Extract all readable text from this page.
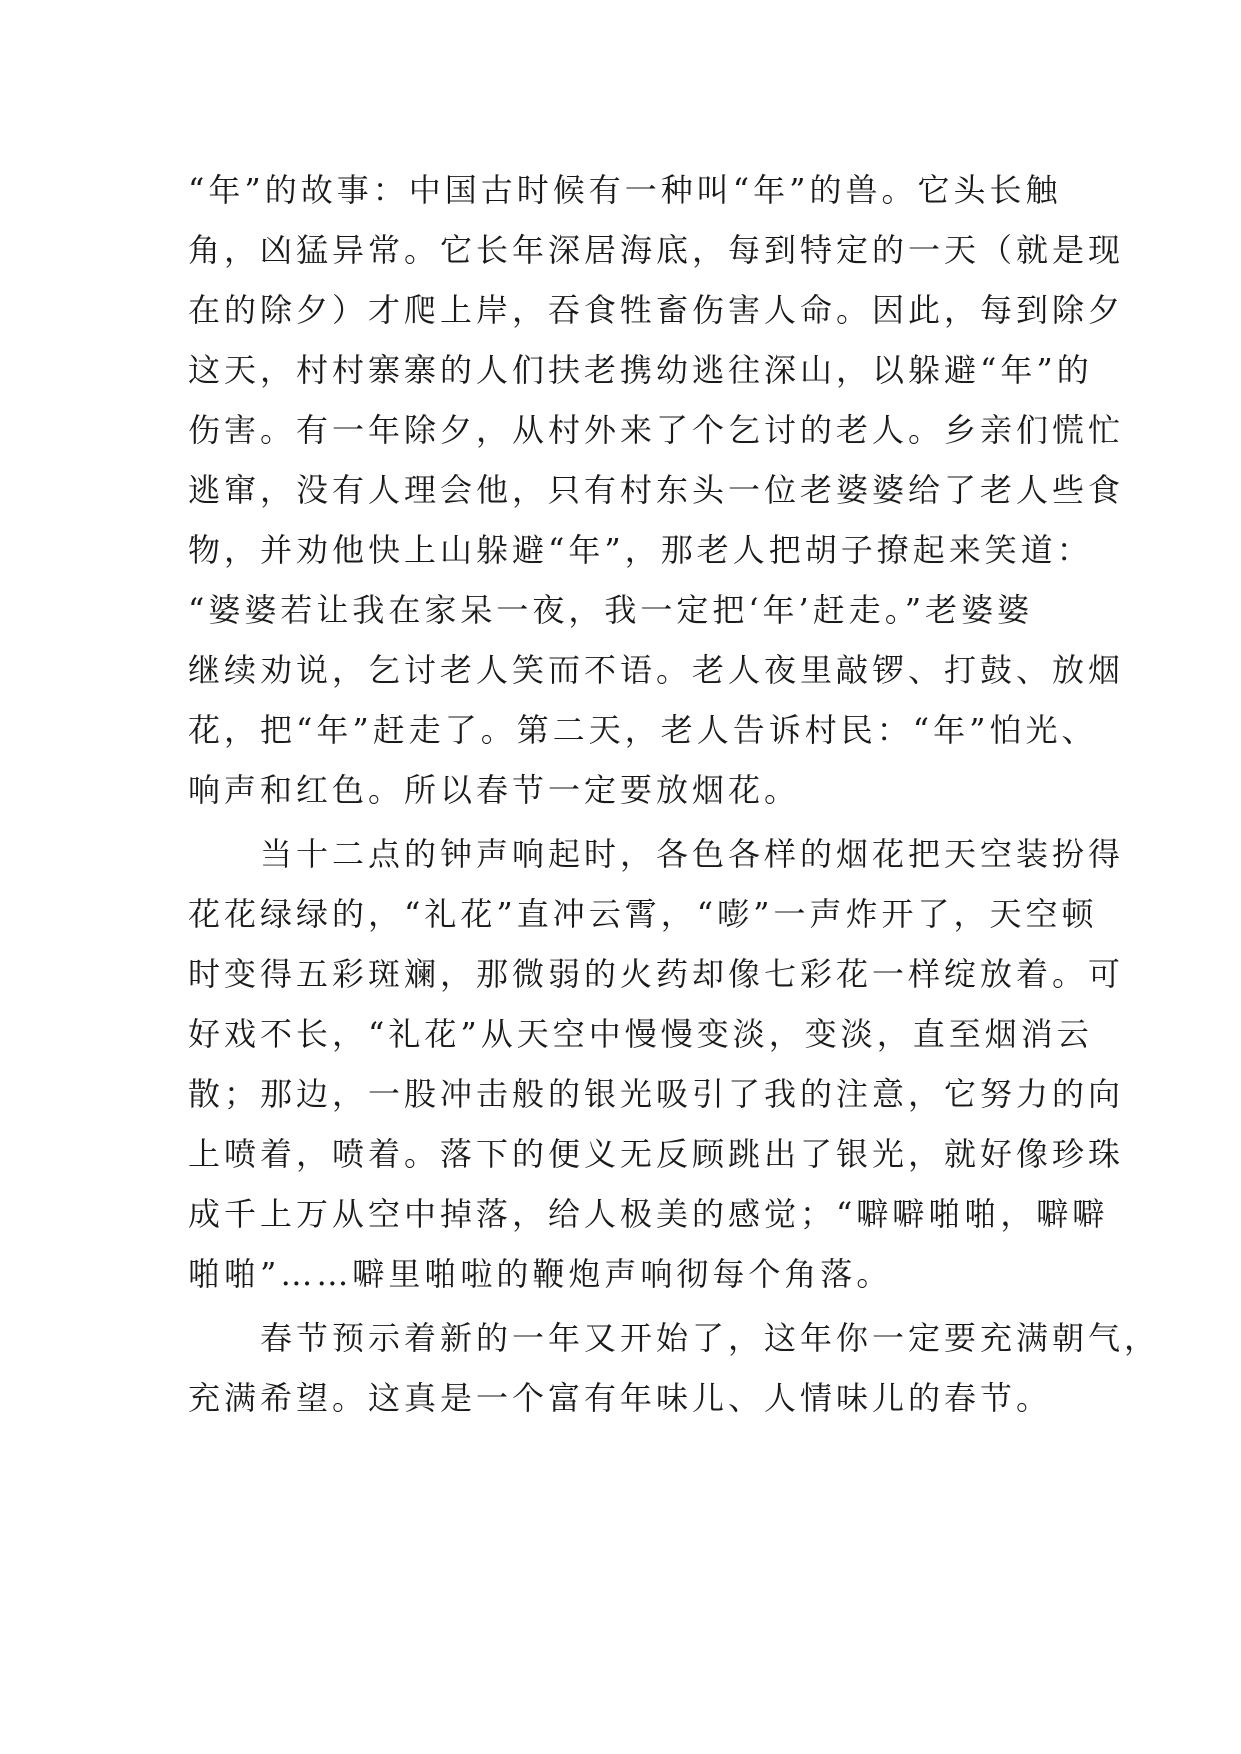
“年”的故事：中国古时候有一种叫“年”的兽。它头长触
角，凶猛异常。它长年深居海底，每到特定的一天（就是现
在的除夕）才爬上岸，吞食牲畜伤害人命。因此，每到除夕
这天，村村寨寨的人们扶老携幼逃往深山，以躲避“年”的
伤害。有一年除夕，从村外来了个乞讨的老人。乡亲们慌忙
逃窜，没有人理会他，只有村东头一位老婆婆给了老人些食
物，并劝他快上山躲避“年”，那老人把胡子撩起来笑道：
“婆婆若让我在家呆一夜，我一定把‘年’赶走。”老婆婆
继续劝说，乞讨老人笑而不语。老人夜里敲锣、打鼓、放烟
花，把“年”赶走了。第二天，老人告诉村民：“年”怕光、
响声和红色。所以春节一定要放烟花。
　　当十二点的钟声响起时，各色各样的烟花把天空装扮得
花花绿绿的，“礼花”直冲云霄，“嘭”一声炸开了，天空顿
时变得五彩斑斓，那微弱的火药却像七彩花一样绽放着。可
好戏不长，“礼花”从天空中慢慢变淡，变淡，直至烟消云
散；那边，一股冲击般的银光吸引了我的注意，它努力的向
上喷着，喷着。落下的便义无反顾跳出了银光，就好像珍珠
成千上万从空中掉落，给人极美的感觉；“噼噼啪啪，噼噼
啪啪”……噼里啪啦的鞭炮声响彻每个角落。
　　春节预示着新的一年又开始了，这年你一定要充满朝气，
充满希望。这真是一个富有年味儿、人情味儿的春节。
